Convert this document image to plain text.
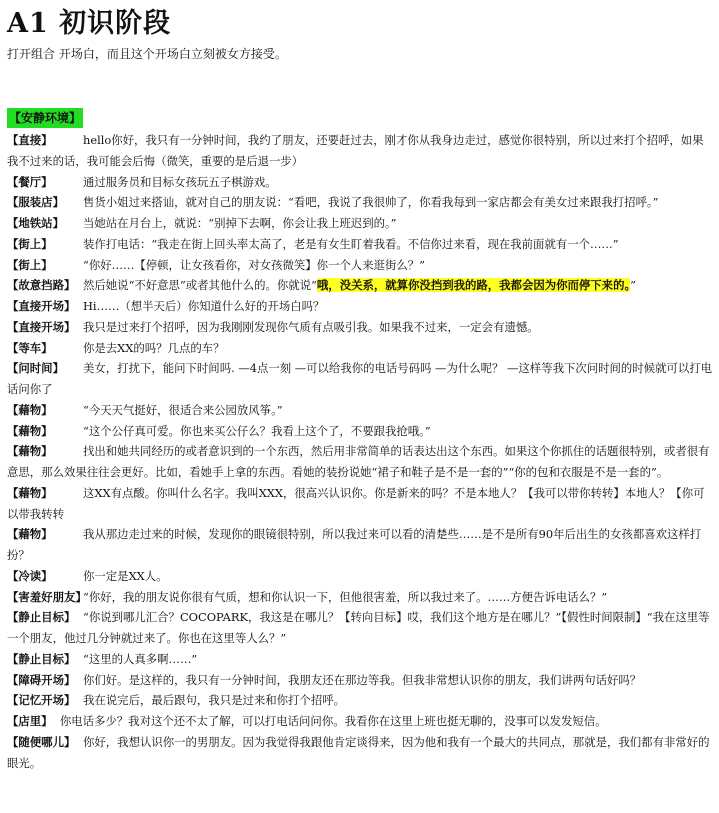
A1 初识阶段
打开组合 开场白，而且这个开场白立刻被女方接受。
【安静环境】

【直接】	hello你好，我只有一分钟时间，我约了朋友，还要赶过去，刚才你从我身边走过，感觉你很特别，所以过来打个招呼，如果我不过来的话，我可能会后悔（微笑，重要的是后退一步）

【餐厅】	通过服务员和目标女孩玩五子棋游戏。

【服装店】 售货小姐过来搭讪，就对自己的朋友说：“看吧，我说了我很帅了，你看我每到一家店都会有美女过来跟我打招呼。”

【地铁站】 当她站在月台上，就说：“别掉下去啊，你会让我上班迟到的。”

【街上】	装作打电话：“我走在街上回头率太高了，老是有女生盯着我看。不信你过来看，现在我前面就有一个……”

【街上】	“你好……【停顿，让女孩看你，对女孩微笑】你一个人来逛街么？”

【故意挡路】 然后她说“不好意思”或者其他什么的。你就说“哦，没关系，就算你没挡到我的路，我都会因为你而停下来的。”

【直接开场】 Hi……（想半天后）你知道什么好的开场白吗？

【直接开场】 我只是过来打个招呼，因为我刚刚发现你气质有点吸引我。如果我不过来，一定会有遗憾。

【等车】	你是去XX的吗？几点的车？

【问时间】 美女，打扰下，能问下时间吗. —4点一刻 —可以给我你的电话号码吗 —为什么呢？ —这样等我下次问时间的时候就可以打电话问你了

【藉物】	“今天天气挺好，很适合来公园放风筝。”

【藉物】	“这个公仔真可爱。你也来买公仔么？我看上这个了，不要跟我抢哦。”

【藉物】	找出和她共同经历的或者意识到的一个东西，然后用非常简单的话表达出这个东西。如果这个你抓住的话题很特别，或者很有意思，那么效果往往会更好。比如，看她手上拿的东西。看她的装扮说她“裙子和鞋子是不是一套的”“你的包和衣服是不是一套的”。

【藉物】	这XX有点酸。你叫什么名字。我叫XXX，很高兴认识你。你是新来的吗？不是本地人？【我可以带你转转】本地人？【你可以带我转转

【藉物】	我从那边走过来的时候，发现你的眼镜很特别，所以我过来可以看的清楚些……是不是所有90年后出生的女孩都喜欢这样打扮？

【冷读】	你一定是XX人。

【害羞好朋友】“你好，我的朋友说你很有气质，想和你认识一下，但他很害羞，所以我过来了。……方便告诉电话么？”

【静止目标】 “你说到哪儿汇合？COCOPARK，我这是在哪儿？【转向目标】哎，我们这个地方是在哪儿？”【假性时间限制】“我在这里等一个朋友，他过几分钟就过来了。你也在这里等人么？”

【静止目标】 “这里的人真多啊……”

【障碍开场】 你们好。是这样的，我只有一分钟时间，我朋友还在那边等我。但我非常想认识你的朋友，我们讲两句话好吗？

【记忆开场】 我在说完后，最后跟句，我只是过来和你打个招呼。

【店里】 你电话多少？我对这个还不太了解，可以打电话问问你。我看你在这里上班也挺无聊的，没事可以发发短信。

【随便哪儿】 你好，我想认识你一的男朋友。因为我觉得我跟他肯定谈得来，因为他和我有一个最大的共同点，那就是，我们都有非常好的眼光。
